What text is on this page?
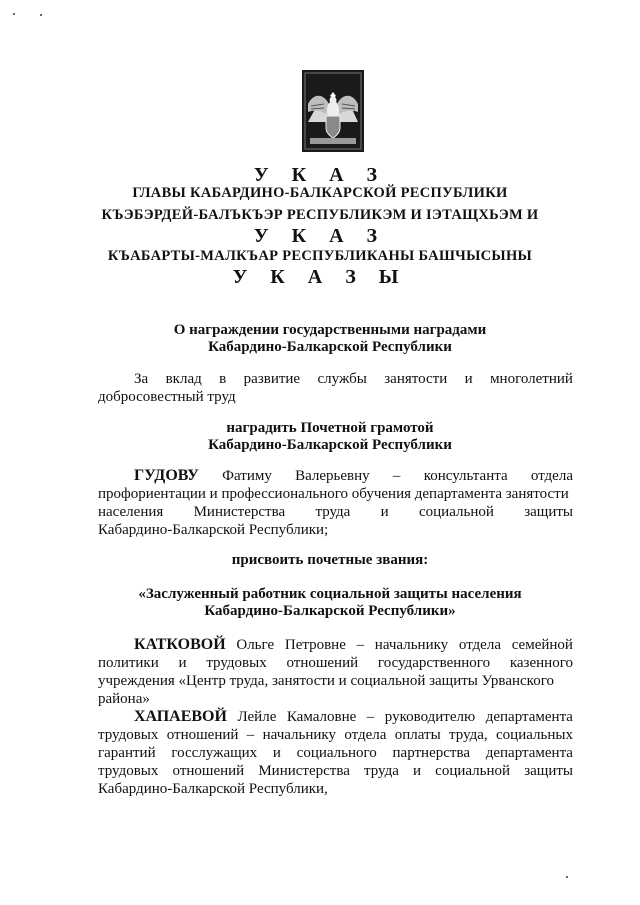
У К А З
ГЛАВЫ КАБАРДИНО-БАЛКАРСКОЙ РЕСПУБЛИКИ
КЪЭБЭРДЕЙ-БАЛЪКЪЭР РЕСПУБЛИКЭМ И ІЭТАЩХЬЭМ И
У К А З
КЪАБАРТЫ-МАЛКЪАР РЕСПУБЛИКАНЫ БАШЧЫСЫНЫ
У К А З Ы
О награждении государственными наградами
Кабардино-Балкарской Республики
За вклад в развитие службы занятости и многолетний
добросовестный труд
наградить Почетной грамотой
Кабардино-Балкарской Республики
ГУДОВУ Фатиму Валерьевну – консультанта отдела
профориентации и профессионального обучения департамента занятости
населения Министерства труда и социальной защиты
Кабардино-Балкарской Республики;
присвоить почетные звания:
«Заслуженный работник социальной защиты населения
Кабардино-Балкарской Республики»
КАТКОВОЙ Ольге Петровне – начальнику отдела семейной
политики и трудовых отношений государственного казенного
учреждения «Центр труда, занятости и социальной защиты Урванского
района»
ХАПАЕВОЙ Лейле Камаловне – руководителю департамента
трудовых отношений – начальнику отдела оплаты труда, социальных
гарантий госслужащих и социального партнерства департамента
трудовых отношений Министерства труда и социальной защиты
Кабардино-Балкарской Республики,
